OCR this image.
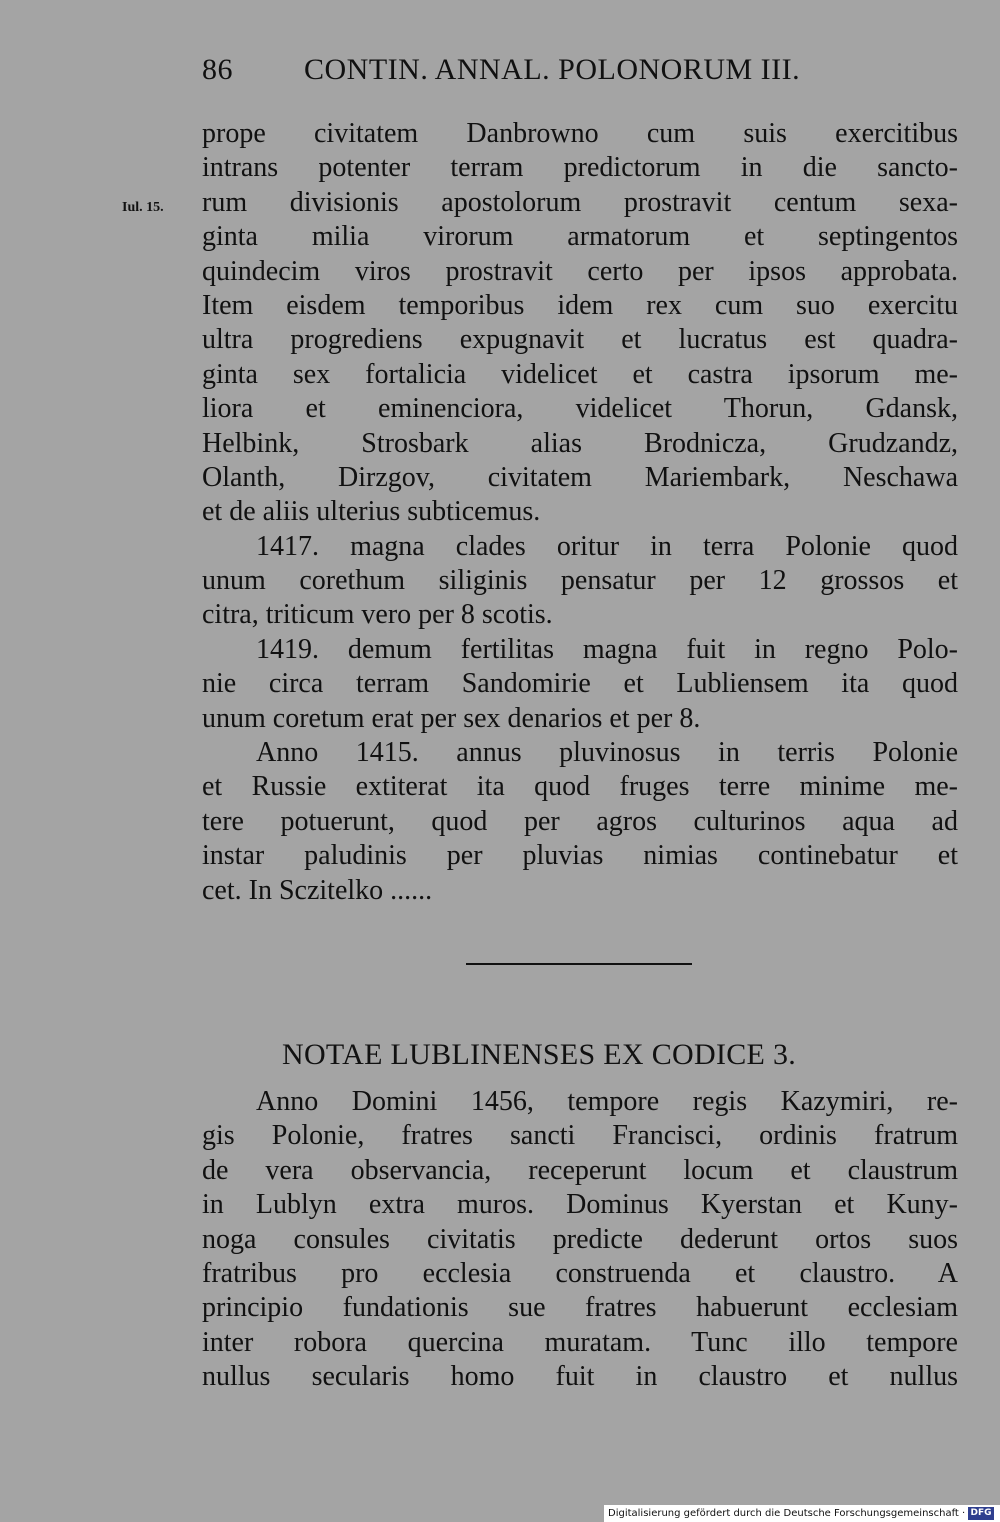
86 CONTIN. ANNAL. POLONORUM III.
Iul. 15.
prope civitatem Danbrowno cum suis exercitibus
intrans potenter terram predictorum in die sancto-
rum divisionis apostolorum prostravit centum sexa-
ginta milia virorum armatorum et septingentos
quindecim viros prostravit certo per ipsos approbata.
Item eisdem temporibus idem rex cum suo exercitu
ultra progrediens expugnavit et lucratus est quadra-
ginta sex fortalicia videlicet et castra ipsorum me-
liora et eminenciora, videlicet Thorun, Gdansk,
Helbink, Strosbark alias Brodnicza, Grudzandz,
Olanth, Dirzgov, civitatem Mariembark, Neschawa
et de aliis ulterius subticemus.
1417. magna clades oritur in terra Polonie quod
unum corethum siliginis pensatur per 12 grossos et
citra, triticum vero per 8 scotis.
1419. demum fertilitas magna fuit in regno Polo-
nie circa terram Sandomirie et Lubliensem ita quod
unum coretum erat per sex denarios et per 8.
Anno 1415. annus pluvinosus in terris Polonie
et Russie extiterat ita quod fruges terre minime me-
tere potuerunt, quod per agros culturinos aqua ad
instar paludinis per pluvias nimias continebatur et
cet. In Sczitelko ......
NOTAE LUBLINENSES EX CODICE 3.
Anno Domini 1456, tempore regis Kazymiri, re-
gis Polonie, fratres sancti Francisci, ordinis fratrum
de vera observancia, receperunt locum et claustrum
in Lublyn extra muros. Dominus Kyerstan et Kuny-
noga consules civitatis predicte dederunt ortos suos
fratribus pro ecclesia construenda et claustro. A
principio fundationis sue fratres habuerunt ecclesiam
inter robora quercina muratam. Tunc illo tempore
nullus secularis homo fuit in claustro et nullus
Digitalisierung gefördert durch die Deutsche Forschungsgemeinschaft · DFG
